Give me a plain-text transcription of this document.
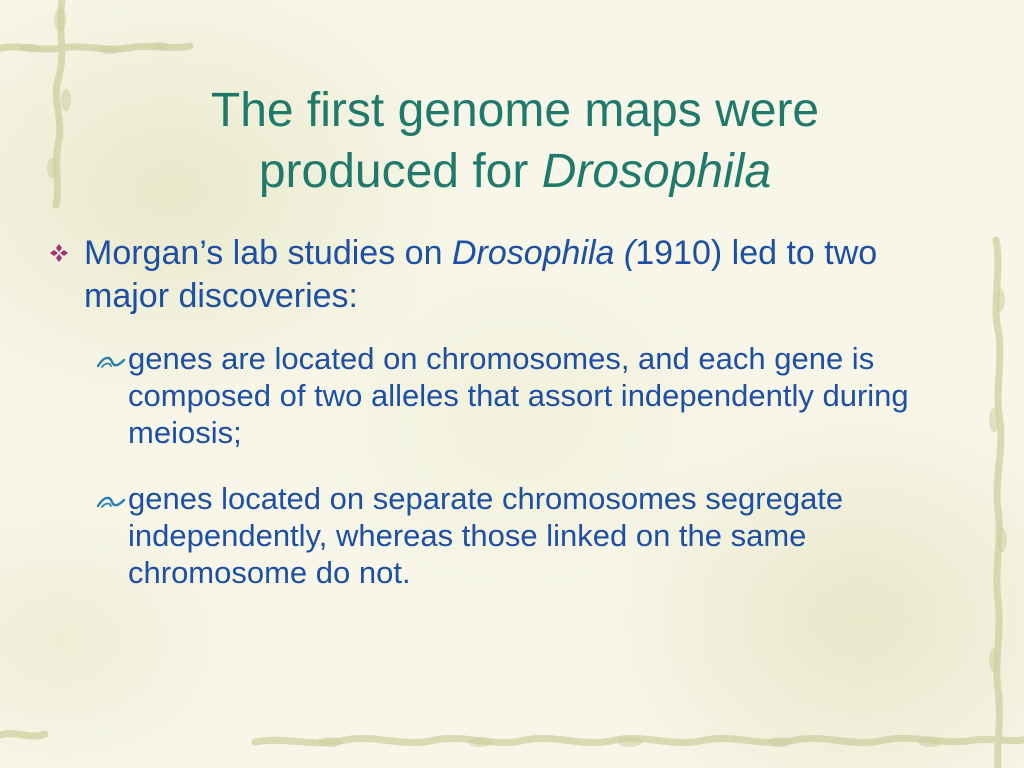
The first genome maps were
produced for Drosophila
Morgan’s lab studies on Drosophila (1910) led to two major discoveries:
genes are located on chromosomes, and each gene is composed of two alleles that assort independently during meiosis;
genes located on separate chromosomes segregate independently, whereas those linked on the same chromosome do not.
